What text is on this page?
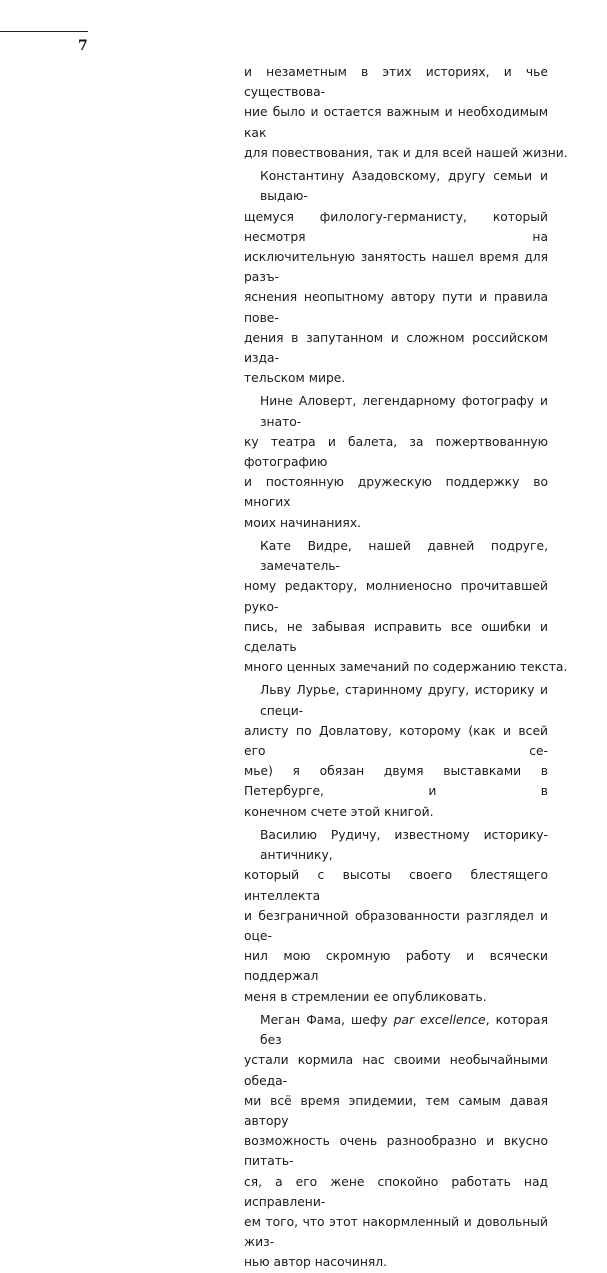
7

и незаметным в этих историях, и чье существова-
ние было и остается важным и необходимым как
для повествования, так и для всей нашей жизни.

Константину Азадовскому, другу семьи и выдаю-
щемуся филологу-германисту, который несмотря на
исключительную занятость нашел время для разъ-
яснения неопытному автору пути и правила пове-
дения в запутанном и сложном российском изда-
тельском мире.

Нине Аловерт, легендарному фотографу и знато-
ку театра и балета, за пожертвованную фотографию
и постоянную дружескую поддержку во многих
моих начинаниях.

Кате Видре, нашей давней подруге, замечатель-
ному редактору, молниеносно прочитавшей руко-
пись, не забывая исправить все ошибки и сделать
много ценных замечаний по содержанию текста.

Льву Лурье, старинному другу, историку и специ-
алисту по Довлатову, которому (как и всей его се-
мье) я обязан двумя выставками в Петербурге, и в
конечном счете этой книгой.

Василию Рудичу, известному историку-античнику,
который с высоты своего блестящего интеллекта
и безграничной образованности разглядел и оце-
нил мою скромную работу и всячески поддержал
меня в стремлении ее опубликовать.

Меган Фама, шефу par excellence, которая без
устали кормила нас своими необычайными обеда-
ми всё время эпидемии, тем самым давая автору
возможность очень разнообразно и вкусно питать-
ся, а его жене спокойно работать над исправлени-
ем того, что этот накормленный и довольный жиз-
нью автор насочинял.
